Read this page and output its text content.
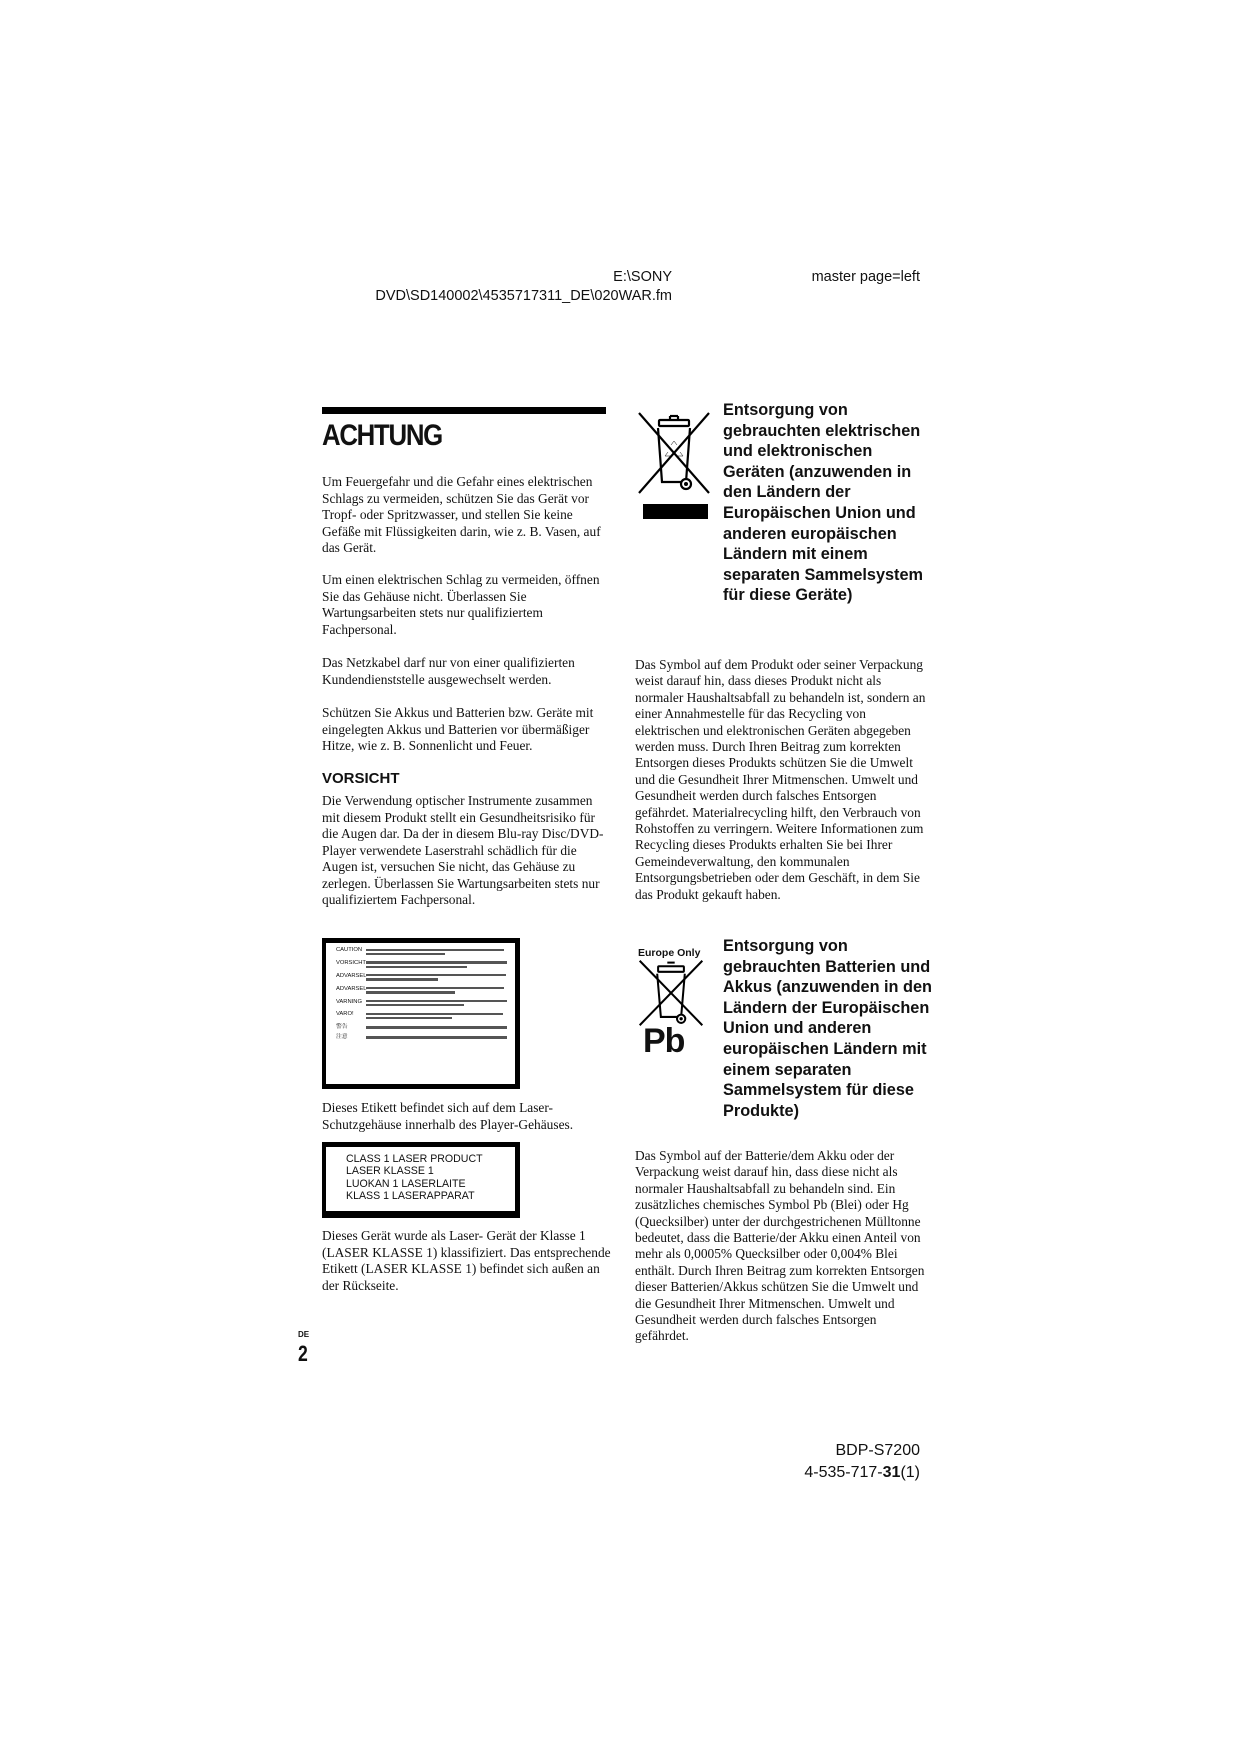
E:\SONY
DVD\SD140002\4535717311_DE\020WAR.fm
master page=left
ACHTUNG
Um Feuergefahr und die Gefahr eines elektrischen Schlags zu vermeiden, schützen Sie das Gerät vor Tropf- oder Spritzwasser, und stellen Sie keine Gefäße mit Flüssigkeiten darin, wie z. B. Vasen, auf das Gerät.
Um einen elektrischen Schlag zu vermeiden, öffnen Sie das Gehäuse nicht. Überlassen Sie Wartungsarbeiten stets nur qualifiziertem Fachpersonal.
Das Netzkabel darf nur von einer qualifizierten Kundendienststelle ausgewechselt werden.
Schützen Sie Akkus und Batterien bzw. Geräte mit eingelegten Akkus und Batterien vor übermäßiger Hitze, wie z. B. Sonnenlicht und Feuer.
VORSICHT
Die Verwendung optischer Instrumente zusammen mit diesem Produkt stellt ein Gesundheitsrisiko für die Augen dar. Da der in diesem Blu-ray Disc/DVD-Player verwendete Laserstrahl schädlich für die Augen ist, versuchen Sie nicht, das Gehäuse zu zerlegen. Überlassen Sie Wartungsarbeiten stets nur qualifiziertem Fachpersonal.
CAUTION
VORSICHT
ADVARSEL
ADVARSEL
VARNING
VARO!
警告
注意
Dieses Etikett befindet sich auf dem Laser-Schutzgehäuse innerhalb des Player-Gehäuses.
CLASS 1 LASER PRODUCT
LASER KLASSE 1
LUOKAN 1 LASERLAITE
KLASS 1 LASERAPPARAT
Dieses Gerät wurde als Laser- Gerät der Klasse 1 (LASER KLASSE 1) klassifiziert. Das entsprechende Etikett (LASER KLASSE 1) befindet sich außen an der Rückseite.
DE
2
Entsorgung von gebrauchten elektrischen und elektronischen Geräten (anzuwenden in den Ländern der Europäischen Union und anderen europäischen Ländern mit einem separaten Sammelsystem für diese Geräte)
Das Symbol auf dem Produkt oder seiner Verpackung weist darauf hin, dass dieses Produkt nicht als normaler Haushaltsabfall zu behandeln ist, sondern an einer Annahmestelle für das Recycling von elektrischen und elektronischen Geräten abgegeben werden muss. Durch Ihren Beitrag zum korrekten Entsorgen dieses Produkts schützen Sie die Umwelt und die Gesundheit Ihrer Mitmenschen. Umwelt und Gesundheit werden durch falsches Entsorgen gefährdet. Materialrecycling hilft, den Verbrauch von Rohstoffen zu verringern. Weitere Informationen zum Recycling dieses Produkts erhalten Sie bei Ihrer Gemeindeverwaltung, den kommunalen Entsorgungsbetrieben oder dem Geschäft, in dem Sie das Produkt gekauft haben.
Europe Only
Pb
Entsorgung von gebrauchten Batterien und Akkus (anzuwenden in den Ländern der Europäischen Union und anderen europäischen Ländern mit einem separaten Sammelsystem für diese Produkte)
Das Symbol auf der Batterie/dem Akku oder der Verpackung weist darauf hin, dass diese nicht als normaler Haushaltsabfall zu behandeln sind. Ein zusätzliches chemisches Symbol Pb (Blei) oder Hg (Quecksilber) unter der durchgestrichenen Mülltonne bedeutet, dass die Batterie/der Akku einen Anteil von mehr als 0,0005% Quecksilber oder 0,004% Blei enthält. Durch Ihren Beitrag zum korrekten Entsorgen dieser Batterien/Akkus schützen Sie die Umwelt und die Gesundheit Ihrer Mitmenschen. Umwelt und Gesundheit werden durch falsches Entsorgen gefährdet.
BDP-S7200
4-535-717-31(1)
